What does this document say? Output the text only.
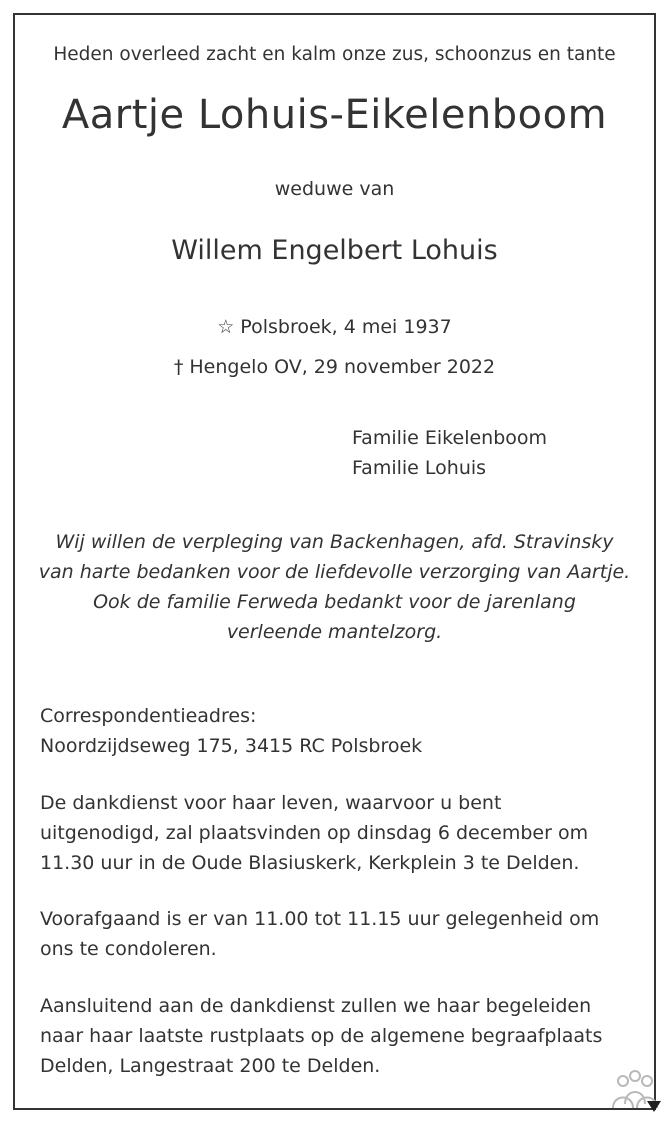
Heden overleed zacht en kalm onze zus, schoonzus en tante
Aartje Lohuis-Eikelenboom
weduwe van
Willem Engelbert Lohuis
☆ Polsbroek, 4 mei 1937
† Hengelo OV, 29 november 2022
Familie Eikelenboom
Familie Lohuis
Wij willen de verpleging van Backenhagen, afd. Stravinsky
van harte bedanken voor de liefdevolle verzorging van Aartje.
Ook de familie Ferweda bedankt voor de jarenlang
verleende mantelzorg.
Correspondentieadres:
Noordzijdseweg 175, 3415 RC Polsbroek
De dankdienst voor haar leven, waarvoor u bent
uitgenodigd, zal plaatsvinden op dinsdag 6 december om
11.30 uur in de Oude Blasiuskerk, Kerkplein 3 te Delden.
Voorafgaand is er van 11.00 tot 11.15 uur gelegenheid om
ons te condoleren.
Aansluitend aan de dankdienst zullen we haar begeleiden
naar haar laatste rustplaats op de algemene begraafplaats
Delden, Langestraat 200 te Delden.
